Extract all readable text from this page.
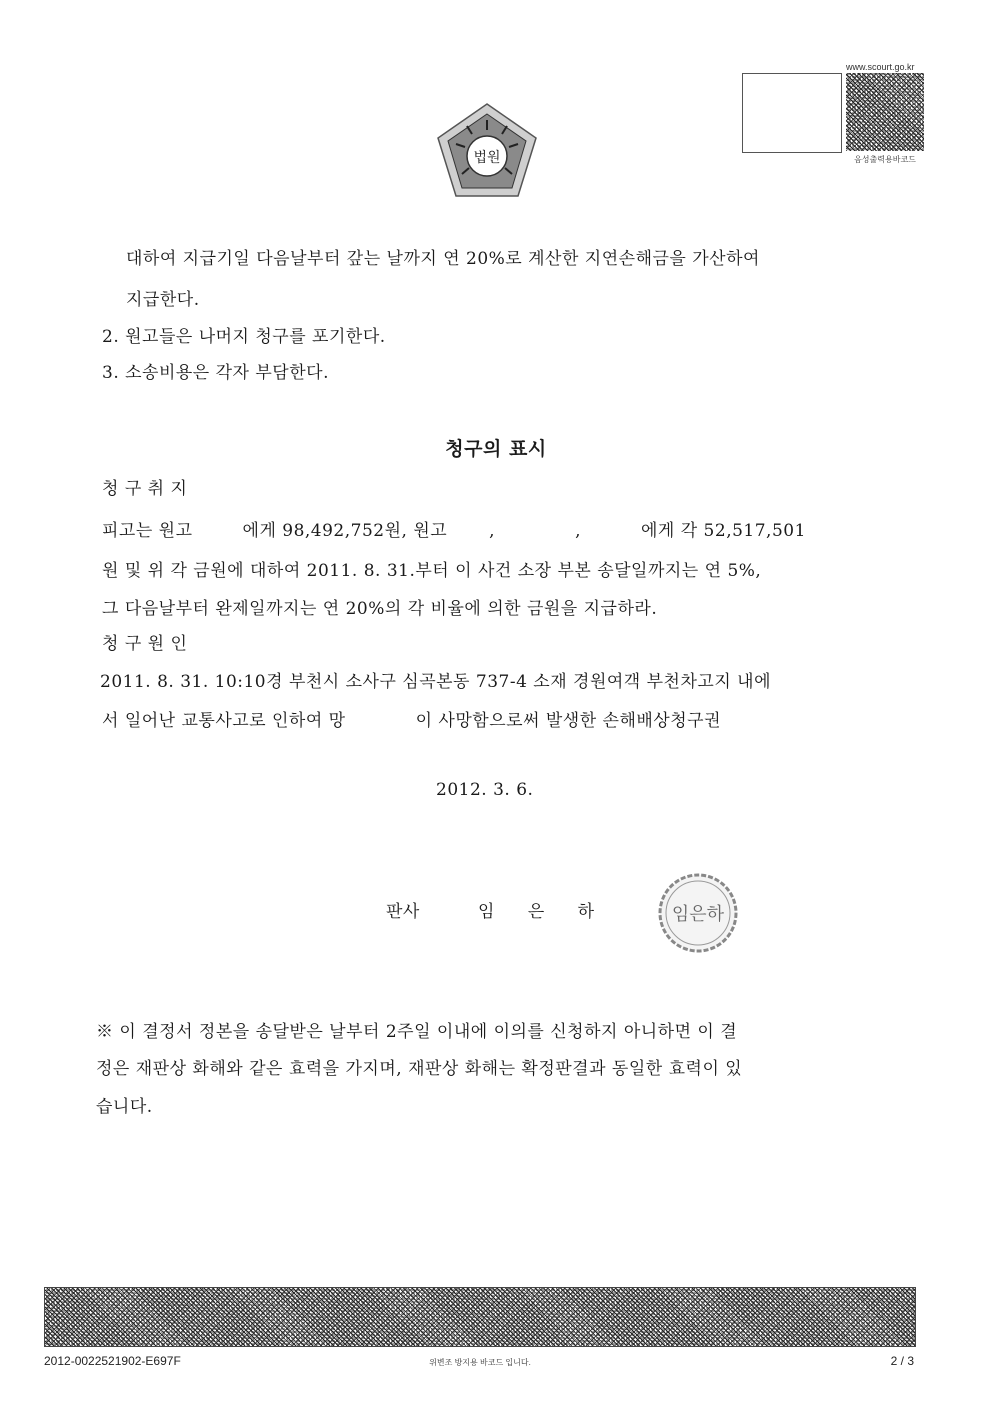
법원
www.scourt.go.kr
음성출력용바코드
대하여 지급기일 다음날부터 갚는 날까지 연 20%로 계산한 지연손해금을 가산하여
지급한다.
2. 원고들은 나머지 청구를 포기한다.
3. 소송비용은 각자 부담한다.
청구의 표시
청 구 취 지
피고는 원고	에게 98,492,752원, 원고 ,	,	에게 각 52,517,501
원 및 위 각 금원에 대하여 2011. 8. 31.부터 이 사건 소장 부본 송달일까지는 연 5%,
그 다음날부터 완제일까지는 연 20%의 각 비율에 의한 금원을 지급하라.
청 구 원 인
2011. 8. 31. 10:10경 부천시 소사구 심곡본동 737-4 소재 경원여객 부천차고지 내에
서 일어난 교통사고로 인하여 망	이 사망함으로써 발생한 손해배상청구권
2012. 3. 6.
판사	임 은 하	임은하
※ 이 결정서 정본을 송달받은 날부터 2주일 이내에 이의를 신청하지 아니하면 이 결
정은 재판상 화해와 같은 효력을 가지며, 재판상 화해는 확정판결과 동일한 효력이 있
습니다.
2012-0022521902-E697F	위변조 방지용 바코드 입니다.	2 / 3
